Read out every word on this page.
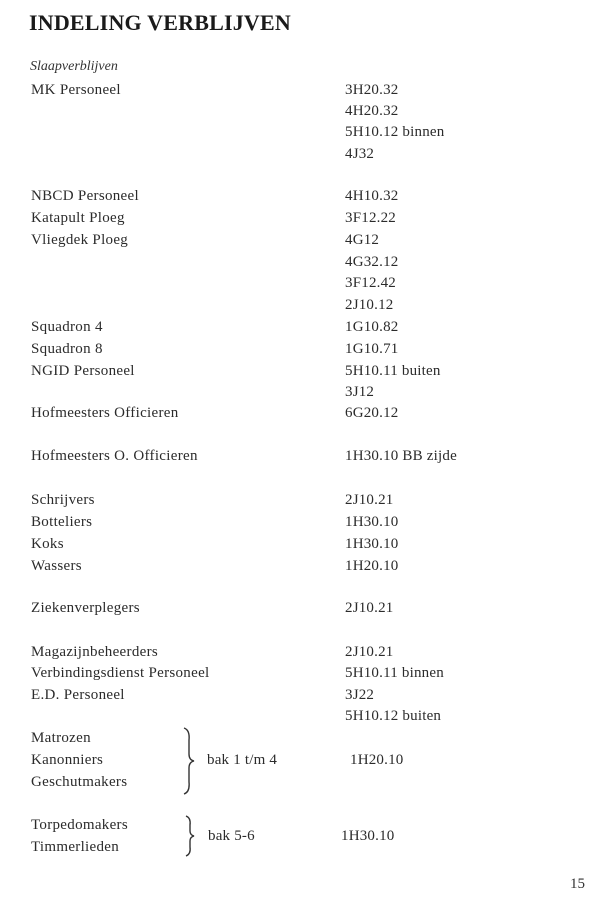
INDELING VERBLIJVEN
Slaapverblijven
MK Personeel
NBCD Personeel
Katapult Ploeg
Vliegdek Ploeg
Squadron 4
Squadron 8
NGID Personeel
Hofmeesters Officieren
Hofmeesters O. Officieren
Schrijvers
Botteliers
Koks
Wassers
Ziekenverplegers
Magazijnbeheerders
Verbindingsdienst Personeel
E.D. Personeel
Matrozen
Kanonniers
Geschutmakers
Torpedomakers
Timmerlieden
3H20.32
4H20.32
5H10.12 binnen
4J32
4H10.32
3F12.22
4G12
4G32.12
3F12.42
2J10.12
1G10.82
1G10.71
5H10.11 buiten
3J12
6G20.12
1H30.10 BB zijde
2J10.21
1H30.10
1H30.10
1H20.10
2J10.21
2J10.21
5H10.11 binnen
3J22
5H10.12 buiten
1H20.10
1H30.10
bak 1 t/m 4
bak 5-6
15
